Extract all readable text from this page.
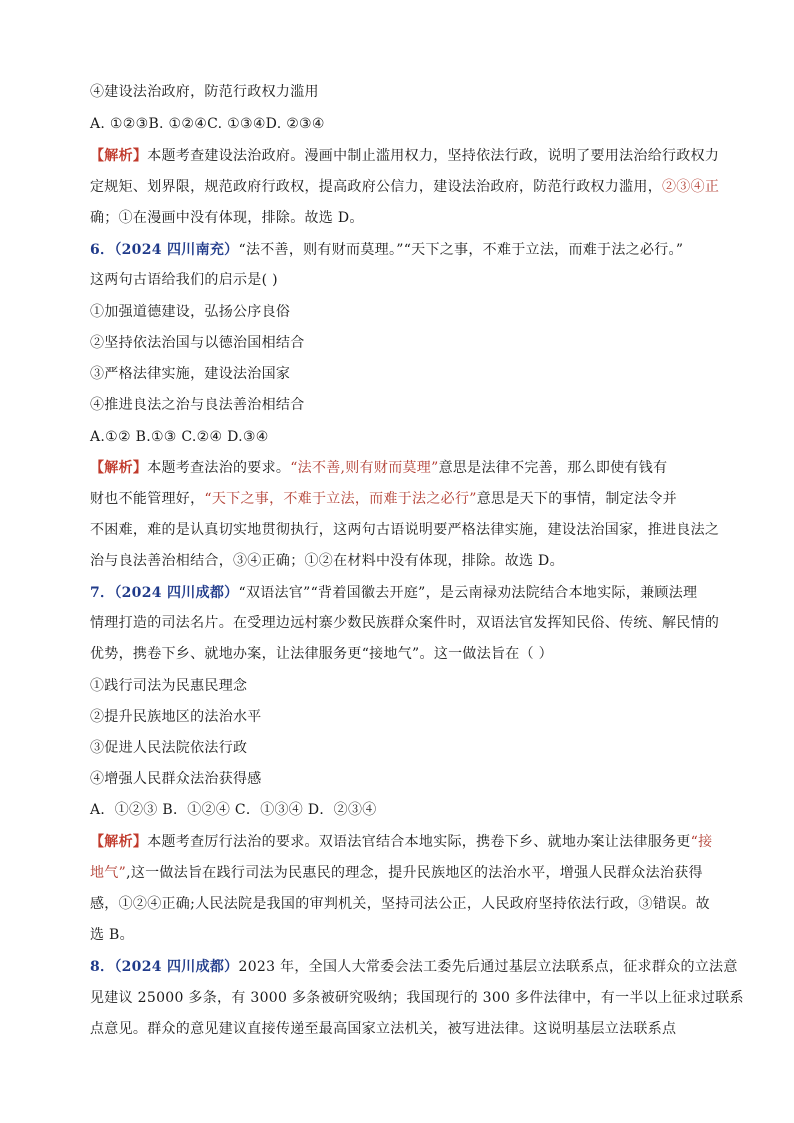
④建设法治政府，防范行政权力滥用
A. ①②③B. ①②④C. ①③④D. ②③④
【解析】本题考查建设法治政府。漫画中制止滥用权力，坚持依法行政，说明了要用法治给行政权力
定规矩、划界限，规范政府行政权，提高政府公信力，建设法治政府，防范行政权力滥用，②③④正
确；①在漫画中没有体现，排除。故选 D。
6．（2024 四川南充）“法不善，则有财而莫理。”“天下之事，不难于立法，而难于法之必行。”
这两句古语给我们的启示是( )
①加强道德建设，弘扬公序良俗
②坚持依法治国与以德治国相结合
③严格法律实施，建设法治国家
④推进良法之治与良法善治相结合
A.①② B.①③ C.②④ D.③④
【解析】本题考查法治的要求。“法不善,则有财而莫理”意思是法律不完善，那么即使有钱有
财也不能管理好，“天下之事，不难于立法，而难于法之必行”意思是天下的事情，制定法令并
不困难，难的是认真切实地贯彻执行，这两句古语说明要严格法律实施，建设法治国家，推进良法之
治与良法善治相结合，③④正确；①②在材料中没有体现，排除。故选 D。
7．（2024 四川成都）“双语法官”“背着国徽去开庭”，是云南禄劝法院结合本地实际，兼顾法理
情理打造的司法名片。在受理边远村寨少数民族群众案件时，双语法官发挥知民俗、传统、解民情的
优势，携卷下乡、就地办案，让法律服务更“接地气”。这一做法旨在（ ）
①践行司法为民惠民理念
②提升民族地区的法治水平
③促进人民法院依法行政
④增强人民群众法治获得感
A．①②③ B．①②④ C．①③④ D．②③④
【解析】本题考查厉行法治的要求。双语法官结合本地实际，携卷下乡、就地办案让法律服务更“接
地气”,这一做法旨在践行司法为民惠民的理念，提升民族地区的法治水平，增强人民群众法治获得
感，①②④正确;人民法院是我国的审判机关，坚持司法公正，人民政府坚持依法行政，③错误。故
选 B。
8．（2024 四川成都）2023 年，全国人大常委会法工委先后通过基层立法联系点，征求群众的立法意
见建议 25000 多条，有 3000 多条被研究吸纳；我国现行的 300 多件法律中，有一半以上征求过联系
点意见。群众的意见建议直接传递至最高国家立法机关，被写进法律。这说明基层立法联系点
